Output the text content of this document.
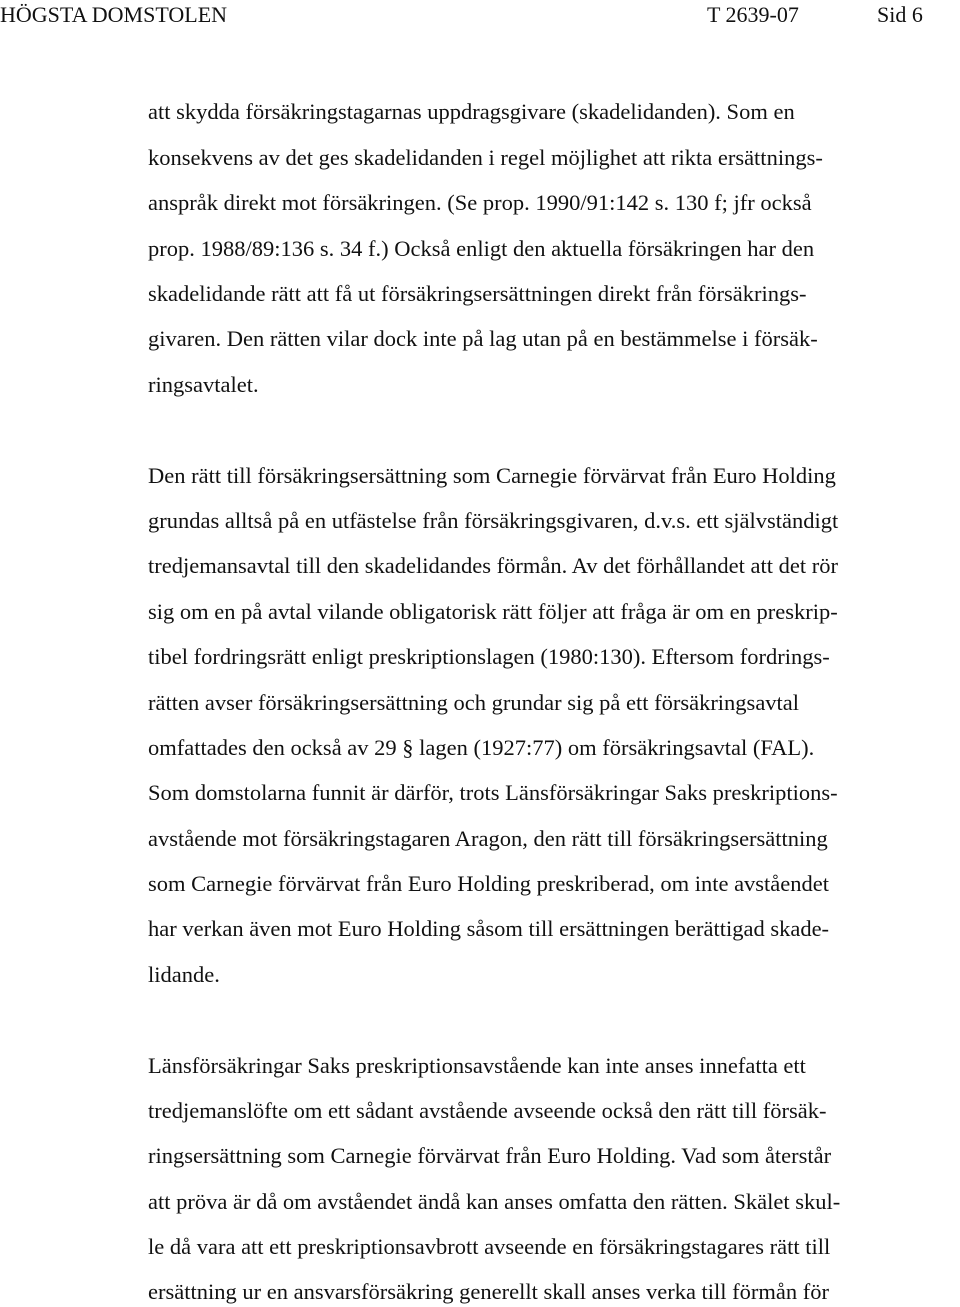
HÖGSTA DOMSTOLEN	T 2639-07	Sid 6
att skydda försäkringstagarnas uppdragsgivare (skadelidanden). Som en
konsekvens av det ges skadelidanden i regel möjlighet att rikta ersättnings-
anspråk direkt mot försäkringen. (Se prop. 1990/91:142 s. 130 f; jfr också
prop. 1988/89:136 s. 34 f.) Också enligt den aktuella försäkringen har den
skadelidande rätt att få ut försäkringsersättningen direkt från försäkrings-
givaren. Den rätten vilar dock inte på lag utan på en bestämmelse i försäk-
ringsavtalet.
Den rätt till försäkringsersättning som Carnegie förvärvat från Euro Holding
grundas alltså på en utfästelse från försäkringsgivaren, d.v.s. ett självständigt
tredjemansavtal till den skadelidandes förmån. Av det förhållandet att det rör
sig om en på avtal vilande obligatorisk rätt följer att fråga är om en preskrip-
tibel fordringsrätt enligt preskriptionslagen (1980:130). Eftersom fordrings-
rätten avser försäkringsersättning och grundar sig på ett försäkringsavtal
omfattades den också av 29 § lagen (1927:77) om försäkringsavtal (FAL).
Som domstolarna funnit är därför, trots Länsförsäkringar Saks preskriptions-
avstående mot försäkringstagaren Aragon, den rätt till försäkringsersättning
som Carnegie förvärvat från Euro Holding preskriberad, om inte avståendet
har verkan även mot Euro Holding såsom till ersättningen berättigad skade-
lidande.
Länsförsäkringar Saks preskriptionsavstående kan inte anses innefatta ett
tredjemanslöfte om ett sådant avstående avseende också den rätt till försäk-
ringsersättning som Carnegie förvärvat från Euro Holding. Vad som återstår
att pröva är då om avståendet ändå kan anses omfatta den rätten. Skälet skul-
le då vara att ett preskriptionsavbrott avseende en försäkringstagares rätt till
ersättning ur en ansvarsförsäkring generellt skall anses verka till förmån för
